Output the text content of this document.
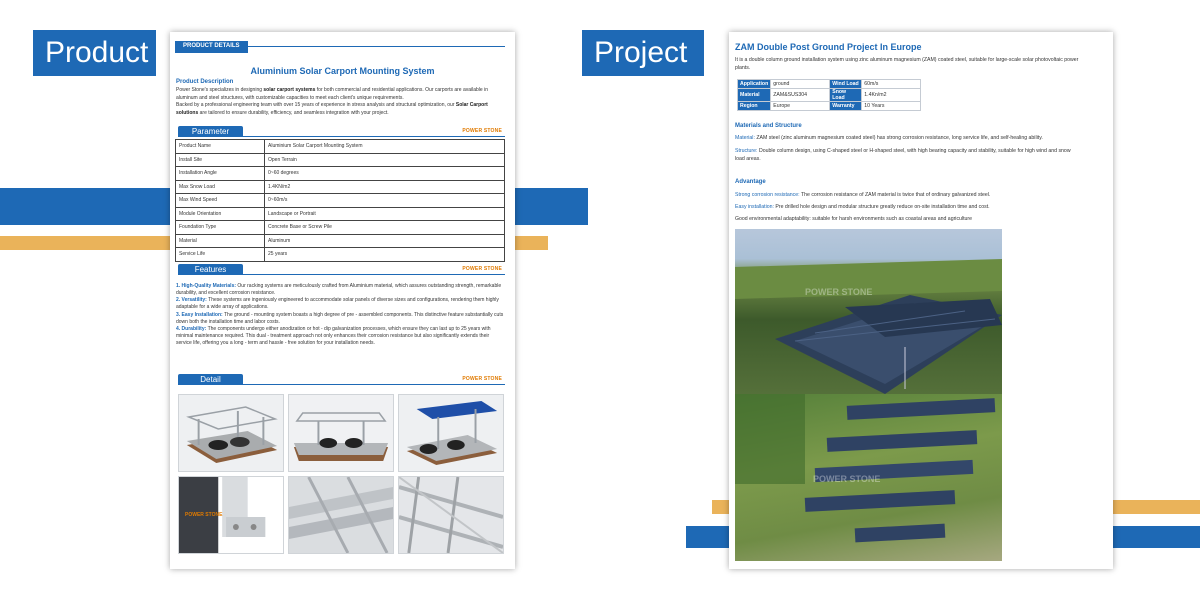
PRODUCT DETAILS
Aluminium Solar Carport Mounting System
Product Description
Power Stone's specializes in designing solar carport systems for both commercial and residential applications. Our carports are available in aluminum and steel structures, with customizable capacities to meet each client's unique requirements.
Backed by a professional engineering team with over 15 years of experience in stress analysis and structural optimization, our Solar Carport solutions are tailored to ensure durability, efficiency, and seamless integration with your project.
Parameter	POWER STONE
Product Name	Aluminium Solar Carport Mounting System
Install Site	Open Terrain
Installation Angle	0~60 degrees
Max Snow Load	1.4KN/m2
Max Wind Speed	0~60m/s
Module Orientation	Landscape or Portrait
Foundation Type	Concrete Base or Screw Pile
Material	Aluminum
Service Life	25 years
Features	POWER STONE

1. High-Quality Materials: Our racking systems are meticulously crafted from Aluminium material, which assures outstanding strength, remarkable durability, and excellent corrosion resistance.

2. Versatility: These systems are ingeniously engineered to accommodate solar panels of diverse sizes and configurations, rendering them highly adaptable for a wide array of applications.

3. Easy Installation: The ground - mounting system boasts a high degree of pre - assembled components. This distinctive feature substantially cuts down both the installation time and labor costs.

4. Durability: The components undergo either anodization or hot - dip galvanization processes, which ensure they can last up to 25 years with minimal maintenance required. This dual - treatment approach not only enhances their corrosion resistance but also significantly extends their service life, offering you a long - term and hassle - free solution for your installation needs.

Detail	POWER STONE
POWER STONE
ZAM Double Post Ground Project In Europe
It is a double column ground installation system using zinc aluminum magnesium (ZAM) coated steel, suitable for large-scale solar photovoltaic power plants.
Application	ground	Wind Load	60m/s
Material	ZAM&SUS304	Snow Load	1.4Kn/m2
Region	Europe	Warranty	10 Years
Materials and Structure
Material: ZAM steel (zinc aluminum magnesium coated steel) has strong corrosion resistance, long service life, and self-healing ability.
Structure: Double column design, using C-shaped steel or H-shaped steel, with high bearing capacity and stability, suitable for high wind and snow load areas.
Advantage
Strong corrosion resistance: The corrosion resistance of ZAM material is twice that of ordinary galvanized steel.
Easy installation: Pre drilled hole design and modular structure greatly reduce on-site installation time and cost.
Good environmental adaptability: suitable for harsh environments such as coastal areas and agriculture
POWER STONE
POWER STONE
Product	Project
